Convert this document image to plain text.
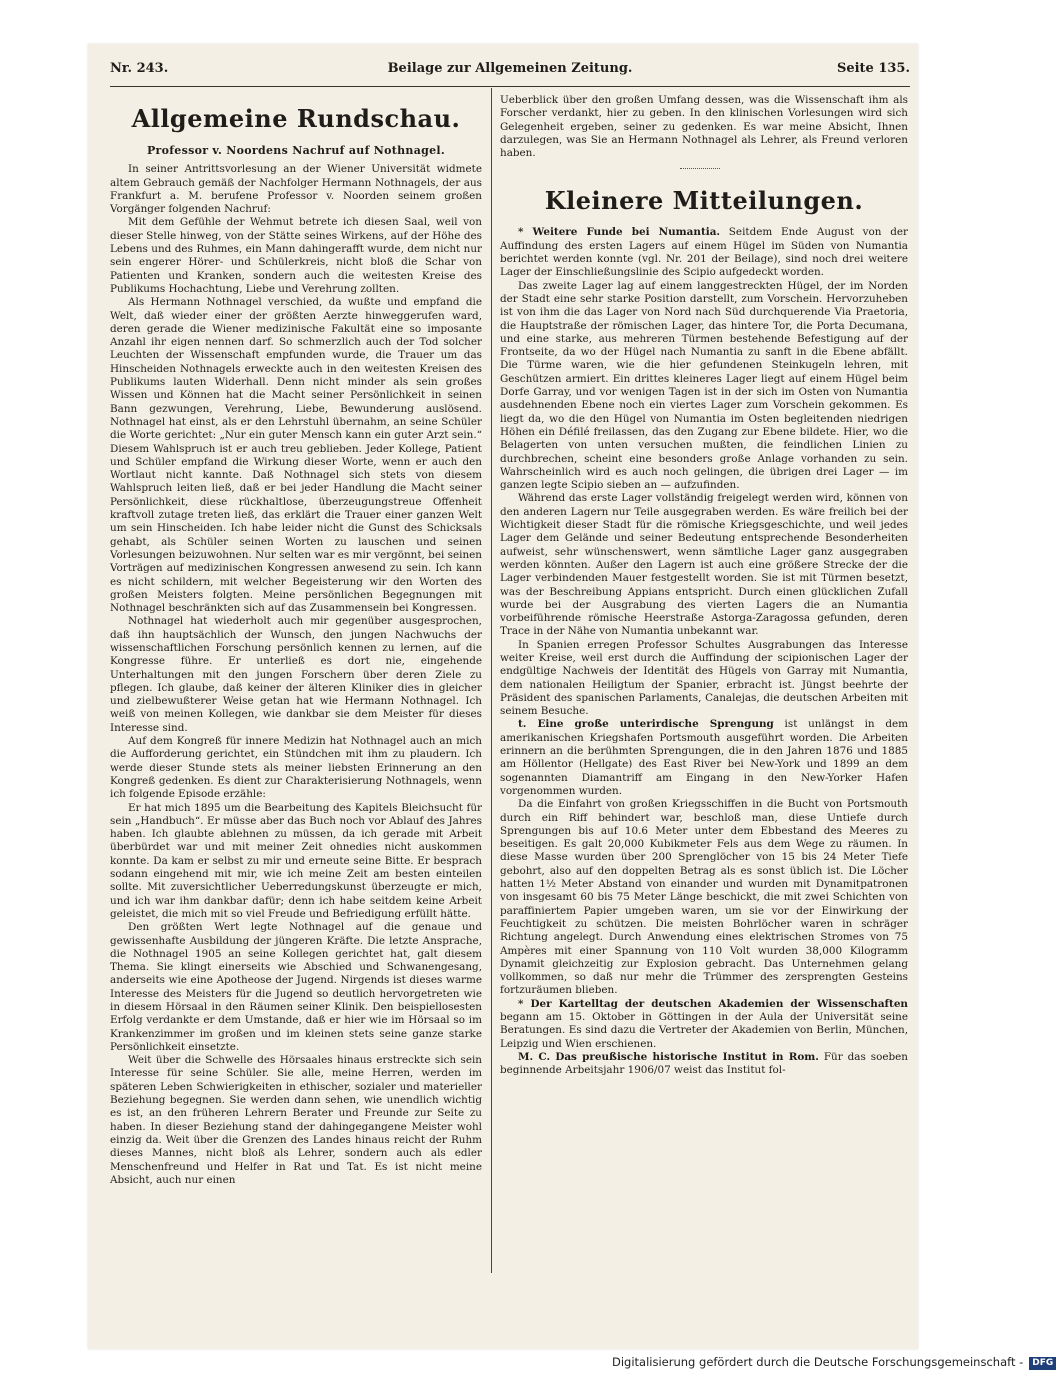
Nr. 243.	Beilage zur Allgemeinen Zeitung.	Seite 135.
Allgemeine Rundschau.
Professor v. Noordens Nachruf auf Nothnagel.

In seiner Antrittsvorlesung an der Wiener Universität widmete altem Gebrauch gemäß der Nachfolger Hermann Nothnagels, der aus Frankfurt a. M. berufene Professor v. Noorden seinem großen Vorgänger folgenden Nachruf:

Mit dem Gefühle der Wehmut betrete ich diesen Saal, weil von dieser Stelle hinweg, von der Stätte seines Wirkens, auf der Höhe des Lebens und des Ruhmes, ein Mann dahingerafft wurde, dem nicht nur sein engerer Hörer- und Schülerkreis, nicht bloß die Schar von Patienten und Kranken, sondern auch die weitesten Kreise des Publikums Hochachtung, Liebe und Verehrung zollten.

Als Hermann Nothnagel verschied, da wußte und empfand die Welt, daß wieder einer der größten Aerzte hinweggerufen ward, deren gerade die Wiener medizinische Fakultät eine so imposante Anzahl ihr eigen nennen darf. So schmerzlich auch der Tod solcher Leuchten der Wissenschaft empfunden wurde, die Trauer um das Hinscheiden Nothnagels erweckte auch in den weitesten Kreisen des Publikums lauten Widerhall. Denn nicht minder als sein großes Wissen und Können hat die Macht seiner Persönlichkeit in seinen Bann gezwungen, Verehrung, Liebe, Bewunderung auslösend. Nothnagel hat einst, als er den Lehrstuhl übernahm, an seine Schüler die Worte gerichtet: „Nur ein guter Mensch kann ein guter Arzt sein.“ Diesem Wahlspruch ist er auch treu geblieben. Jeder Kollege, Patient und Schüler empfand die Wirkung dieser Worte, wenn er auch den Wortlaut nicht kannte. Daß Nothnagel sich stets von diesem Wahlspruch leiten ließ, daß er bei jeder Handlung die Macht seiner Persönlichkeit, diese rückhaltlose, überzeugungstreue Offenheit kraftvoll zutage treten ließ, das erklärt die Trauer einer ganzen Welt um sein Hinscheiden. Ich habe leider nicht die Gunst des Schicksals gehabt, als Schüler seinen Worten zu lauschen und seinen Vorlesungen beizuwohnen. Nur selten war es mir vergönnt, bei seinen Vorträgen auf medizinischen Kongressen anwesend zu sein. Ich kann es nicht schildern, mit welcher Begeisterung wir den Worten des großen Meisters folgten. Meine persönlichen Begegnungen mit Nothnagel beschränkten sich auf das Zusammensein bei Kongressen.

Nothnagel hat wiederholt auch mir gegenüber ausgesprochen, daß ihn hauptsächlich der Wunsch, den jungen Nachwuchs der wissenschaftlichen Forschung persönlich kennen zu lernen, auf die Kongresse führe. Er unterließ es dort nie, eingehende Unterhaltungen mit den jungen Forschern über deren Ziele zu pflegen. Ich glaube, daß keiner der älteren Kliniker dies in gleicher und zielbewußterer Weise getan hat wie Hermann Nothnagel. Ich weiß von meinen Kollegen, wie dankbar sie dem Meister für dieses Interesse sind.

Auf dem Kongreß für innere Medizin hat Nothnagel auch an mich die Aufforderung gerichtet, ein Stündchen mit ihm zu plaudern. Ich werde dieser Stunde stets als meiner liebsten Erinnerung an den Kongreß gedenken. Es dient zur Charakterisierung Nothnagels, wenn ich folgende Episode erzähle:

Er hat mich 1895 um die Bearbeitung des Kapitels Bleichsucht für sein „Handbuch“. Er müsse aber das Buch noch vor Ablauf des Jahres haben. Ich glaubte ablehnen zu müssen, da ich gerade mit Arbeit überbürdet war und mit meiner Zeit ohnedies nicht auskommen konnte. Da kam er selbst zu mir und erneute seine Bitte. Er besprach sodann eingehend mit mir, wie ich meine Zeit am besten einteilen sollte. Mit zuversichtlicher Ueberredungskunst überzeugte er mich, und ich war ihm dankbar dafür; denn ich habe seitdem keine Arbeit geleistet, die mich mit so viel Freude und Befriedigung erfüllt hätte.

Den größten Wert legte Nothnagel auf die genaue und gewissenhafte Ausbildung der jüngeren Kräfte. Die letzte Ansprache, die Nothnagel 1905 an seine Kollegen gerichtet hat, galt diesem Thema. Sie klingt einerseits wie Abschied und Schwanengesang, anderseits wie eine Apotheose der Jugend. Nirgends ist dieses warme Interesse des Meisters für die Jugend so deutlich hervorgetreten wie in diesem Hörsaal in den Räumen seiner Klinik. Den beispiellosesten Erfolg verdankte er dem Umstande, daß er hier wie im Hörsaal so im Krankenzimmer im großen und im kleinen stets seine ganze starke Persönlichkeit einsetzte.

Weit über die Schwelle des Hörsaales hinaus erstreckte sich sein Interesse für seine Schüler. Sie alle, meine Herren, werden im späteren Leben Schwierigkeiten in ethischer, sozialer und materieller Beziehung begegnen. Sie werden dann sehen, wie unendlich wichtig es ist, an den früheren Lehrern Berater und Freunde zur Seite zu haben. In dieser Beziehung stand der dahingegangene Meister wohl einzig da. Weit über die Grenzen des Landes hinaus reicht der Ruhm dieses Mannes, nicht bloß als Lehrer, sondern auch als edler Menschenfreund und Helfer in Rat und Tat. Es ist nicht meine Absicht, auch nur einen

Ueberblick über den großen Umfang dessen, was die Wissenschaft ihm als Forscher verdankt, hier zu geben. In den klinischen Vorlesungen wird sich Gelegenheit ergeben, seiner zu gedenken. Es war meine Absicht, Ihnen darzulegen, was Sie an Hermann Nothnagel als Lehrer, als Freund verloren haben.

Kleinere Mitteilungen.

* Weitere Funde bei Numantia. Seitdem Ende August von der Auffindung des ersten Lagers auf einem Hügel im Süden von Numantia berichtet werden konnte (vgl. Nr. 201 der Beilage), sind noch drei weitere Lager der Einschließungslinie des Scipio aufgedeckt worden.

Das zweite Lager lag auf einem langgestreckten Hügel, der im Norden der Stadt eine sehr starke Position darstellt, zum Vorschein. Hervorzuheben ist von ihm die das Lager von Nord nach Süd durchquerende Via Praetoria, die Hauptstraße der römischen Lager, das hintere Tor, die Porta Decumana, und eine starke, aus mehreren Türmen bestehende Befestigung auf der Frontseite, da wo der Hügel nach Numantia zu sanft in die Ebene abfällt. Die Türme waren, wie die hier gefundenen Steinkugeln lehren, mit Geschützen armiert. Ein drittes kleineres Lager liegt auf einem Hügel beim Dorfe Garray, und vor wenigen Tagen ist in der sich im Osten von Numantia ausdehnenden Ebene noch ein viertes Lager zum Vorschein gekommen. Es liegt da, wo die den Hügel von Numantia im Osten begleitenden niedrigen Höhen ein Défilé freilassen, das den Zugang zur Ebene bildete. Hier, wo die Belagerten von unten versuchen mußten, die feindlichen Linien zu durchbrechen, scheint eine besonders große Anlage vorhanden zu sein. Wahrscheinlich wird es auch noch gelingen, die übrigen drei Lager — im ganzen legte Scipio sieben an — aufzufinden.

Während das erste Lager vollständig freigelegt werden wird, können von den anderen Lagern nur Teile ausgegraben werden. Es wäre freilich bei der Wichtigkeit dieser Stadt für die römische Kriegsgeschichte, und weil jedes Lager dem Gelände und seiner Bedeutung entsprechende Besonderheiten aufweist, sehr wünschenswert, wenn sämtliche Lager ganz ausgegraben werden könnten. Außer den Lagern ist auch eine größere Strecke der die Lager verbindenden Mauer festgestellt worden. Sie ist mit Türmen besetzt, was der Beschreibung Appians entspricht. Durch einen glücklichen Zufall wurde bei der Ausgrabung des vierten Lagers die an Numantia vorbeiführende römische Heerstraße Astorga-Zaragossa gefunden, deren Trace in der Nähe von Numantia unbekannt war.

In Spanien erregen Professor Schultes Ausgrabungen das Interesse weiter Kreise, weil erst durch die Auffindung der scipionischen Lager der endgültige Nachweis der Identität des Hügels von Garray mit Numantia, dem nationalen Heiligtum der Spanier, erbracht ist. Jüngst beehrte der Präsident des spanischen Parlaments, Canalejas, die deutschen Arbeiten mit seinem Besuche.

t. Eine große unterirdische Sprengung ist unlängst in dem amerikanischen Kriegshafen Portsmouth ausgeführt worden. Die Arbeiten erinnern an die berühmten Sprengungen, die in den Jahren 1876 und 1885 am Höllentor (Hellgate) des East River bei New-York und 1899 an dem sogenannten Diamantriff am Eingang in den New-Yorker Hafen vorgenommen wurden.

Da die Einfahrt von großen Kriegsschiffen in die Bucht von Portsmouth durch ein Riff behindert war, beschloß man, diese Untiefe durch Sprengungen bis auf 10.6 Meter unter dem Ebbestand des Meeres zu beseitigen. Es galt 20,000 Kubikmeter Fels aus dem Wege zu räumen. In diese Masse wurden über 200 Sprenglöcher von 15 bis 24 Meter Tiefe gebohrt, also auf den doppelten Betrag als es sonst üblich ist. Die Löcher hatten 1½ Meter Abstand von einander und wurden mit Dynamitpatronen von insgesamt 60 bis 75 Meter Länge beschickt, die mit zwei Schichten von paraffiniertem Papier umgeben waren, um sie vor der Einwirkung der Feuchtigkeit zu schützen. Die meisten Bohrlöcher waren in schräger Richtung angelegt. Durch Anwendung eines elektrischen Stromes von 75 Ampères mit einer Spannung von 110 Volt wurden 38,000 Kilogramm Dynamit gleichzeitig zur Explosion gebracht. Das Unternehmen gelang vollkommen, so daß nur mehr die Trümmer des zersprengten Gesteins fortzuräumen blieben.

* Der Kartelltag der deutschen Akademien der Wissenschaften begann am 15. Oktober in Göttingen in der Aula der Universität seine Beratungen. Es sind dazu die Vertreter der Akademien von Berlin, München, Leipzig und Wien erschienen.

M. C. Das preußische historische Institut in Rom. Für das soeben beginnende Arbeitsjahr 1906/07 weist das Institut fol-

Digitalisierung gefördert durch die Deutsche Forschungsgemeinschaft - DFG
